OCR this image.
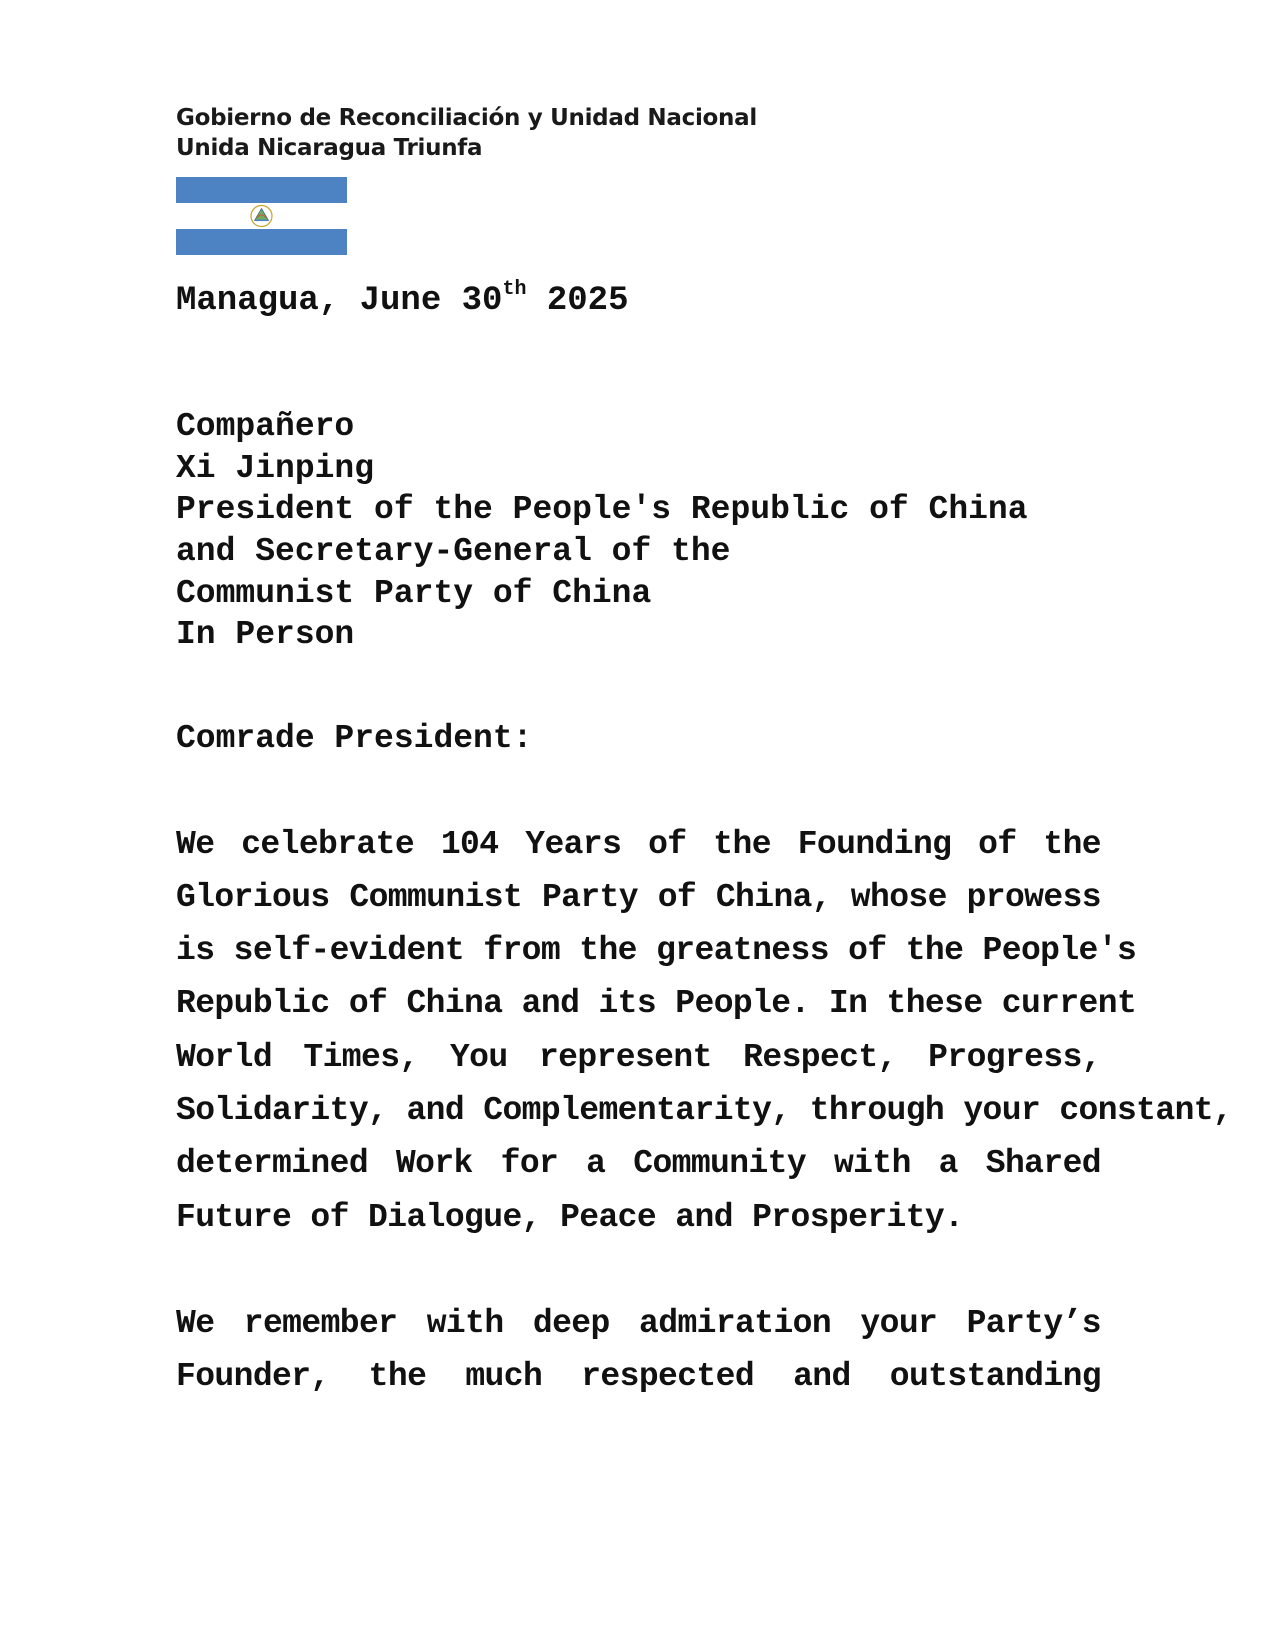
Gobierno de Reconciliación y Unidad Nacional
Unida Nicaragua Triunfa
Managua, June 30th 2025
Compañero
Xi Jinping
President of the People's Republic of China
and Secretary-General of the
Communist Party of China
In Person
Comrade President:
We celebrate 104 Years of the Founding of the
Glorious Communist Party of China, whose prowess
is self-evident from the greatness of the People's
Republic of China and its People. In these current
World Times, You represent Respect, Progress,
Solidarity, and Complementarity, through your constant,
determined Work for a Community with a Shared
Future of Dialogue, Peace and Prosperity.
We remember with deep admiration your Party’s
Founder, the much respected and outstanding
